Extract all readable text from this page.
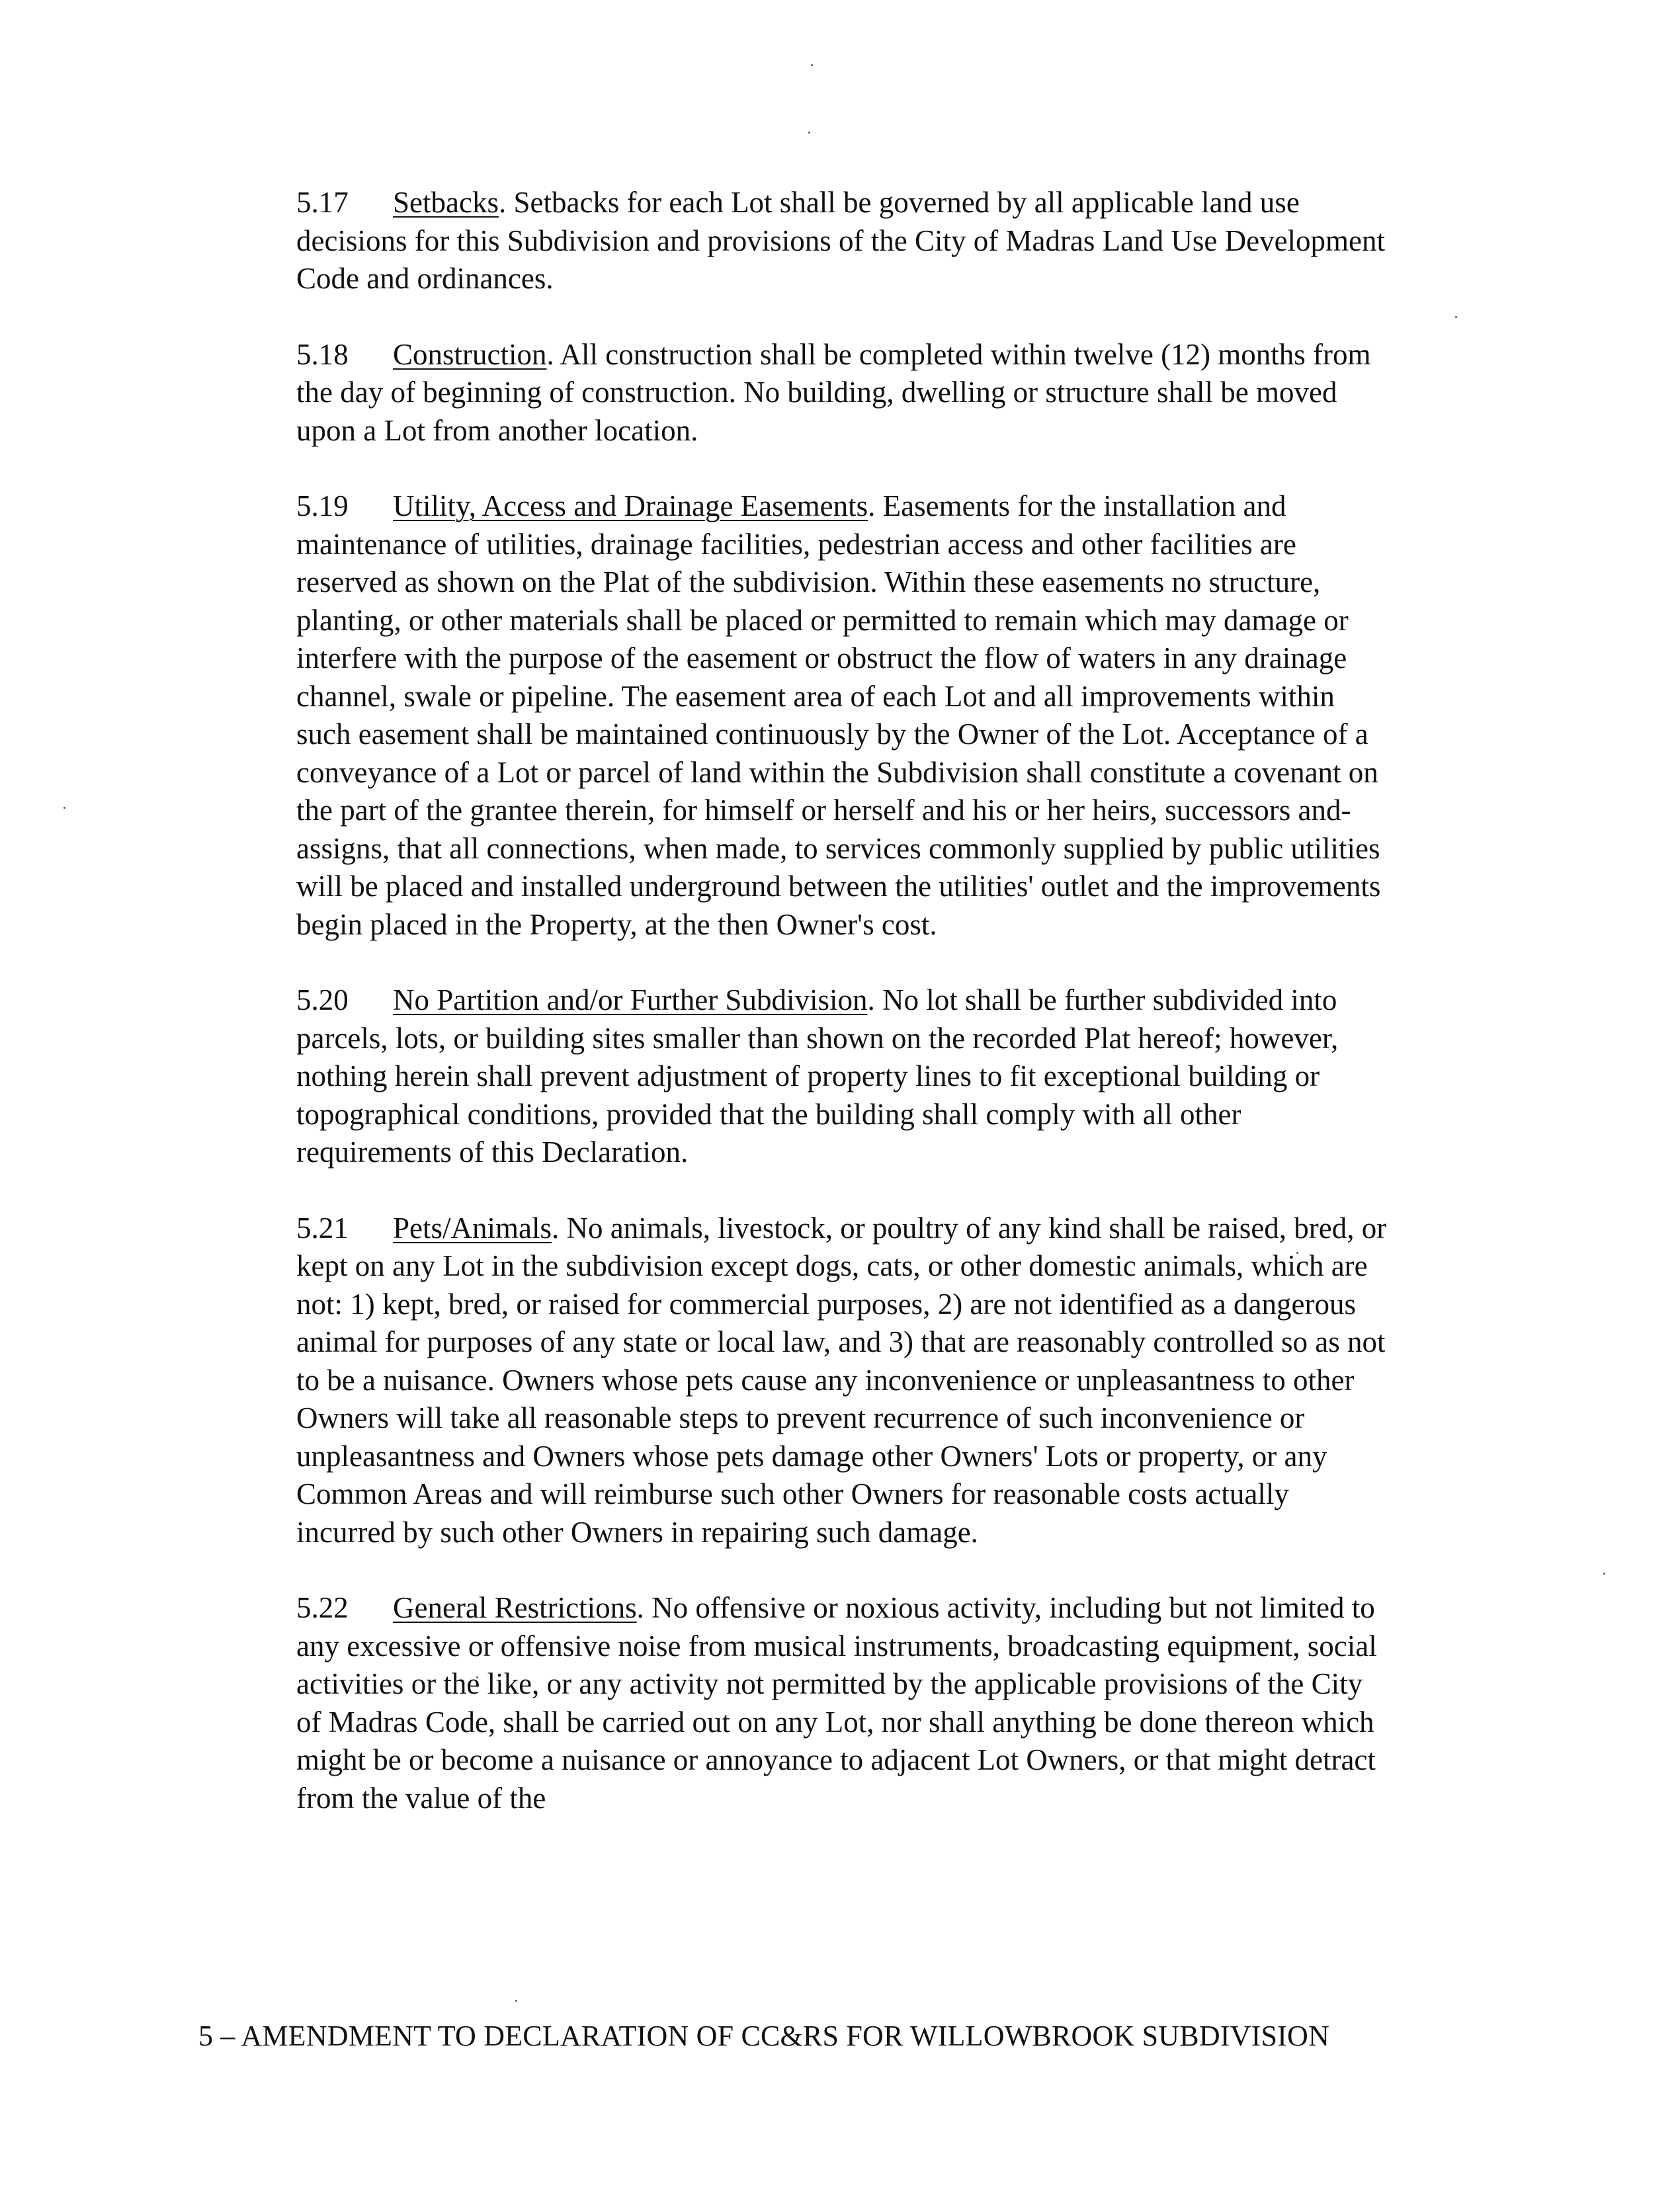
5.17 Setbacks. Setbacks for each Lot shall be governed by all applicable land use decisions for this Subdivision and provisions of the City of Madras Land Use Development Code and ordinances.

5.18 Construction. All construction shall be completed within twelve (12) months from the day of beginning of construction. No building, dwelling or structure shall be moved upon a Lot from another location.

5.19 Utility, Access and Drainage Easements. Easements for the installation and maintenance of utilities, drainage facilities, pedestrian access and other facilities are reserved as shown on the Plat of the subdivision. Within these easements no structure, planting, or other materials shall be placed or permitted to remain which may damage or interfere with the purpose of the easement or obstruct the flow of waters in any drainage channel, swale or pipeline. The easement area of each Lot and all improvements within such easement shall be maintained continuously by the Owner of the Lot. Acceptance of a conveyance of a Lot or parcel of land within the Subdivision shall constitute a covenant on the part of the grantee therein, for himself or herself and his or her heirs, successors and- assigns, that all connections, when made, to services commonly supplied by public utilities will be placed and installed underground between the utilities' outlet and the improvements begin placed in the Property, at the then Owner's cost.

5.20 No Partition and/or Further Subdivision. No lot shall be further subdivided into parcels, lots, or building sites smaller than shown on the recorded Plat hereof; however, nothing herein shall prevent adjustment of property lines to fit exceptional building or topographical conditions, provided that the building shall comply with all other requirements of this Declaration.

5.21 Pets/Animals. No animals, livestock, or poultry of any kind shall be raised, bred, or kept on any Lot in the subdivision except dogs, cats, or other domestic animals, which are not: 1) kept, bred, or raised for commercial purposes, 2) are not identified as a dangerous animal for purposes of any state or local law, and 3) that are reasonably controlled so as not to be a nuisance. Owners whose pets cause any inconvenience or unpleasantness to other Owners will take all reasonable steps to prevent recurrence of such inconvenience or unpleasantness and Owners whose pets damage other Owners' Lots or property, or any Common Areas and will reimburse such other Owners for reasonable costs actually incurred by such other Owners in repairing such damage.

5.22 General Restrictions. No offensive or noxious activity, including but not limited to any excessive or offensive noise from musical instruments, broadcasting equipment, social activities or the like, or any activity not permitted by the applicable provisions of the City of Madras Code, shall be carried out on any Lot, nor shall anything be done thereon which might be or become a nuisance or annoyance to adjacent Lot Owners, or that might detract from the value of the

5 – AMENDMENT TO DECLARATION OF CC&RS FOR WILLOWBROOK SUBDIVISION
